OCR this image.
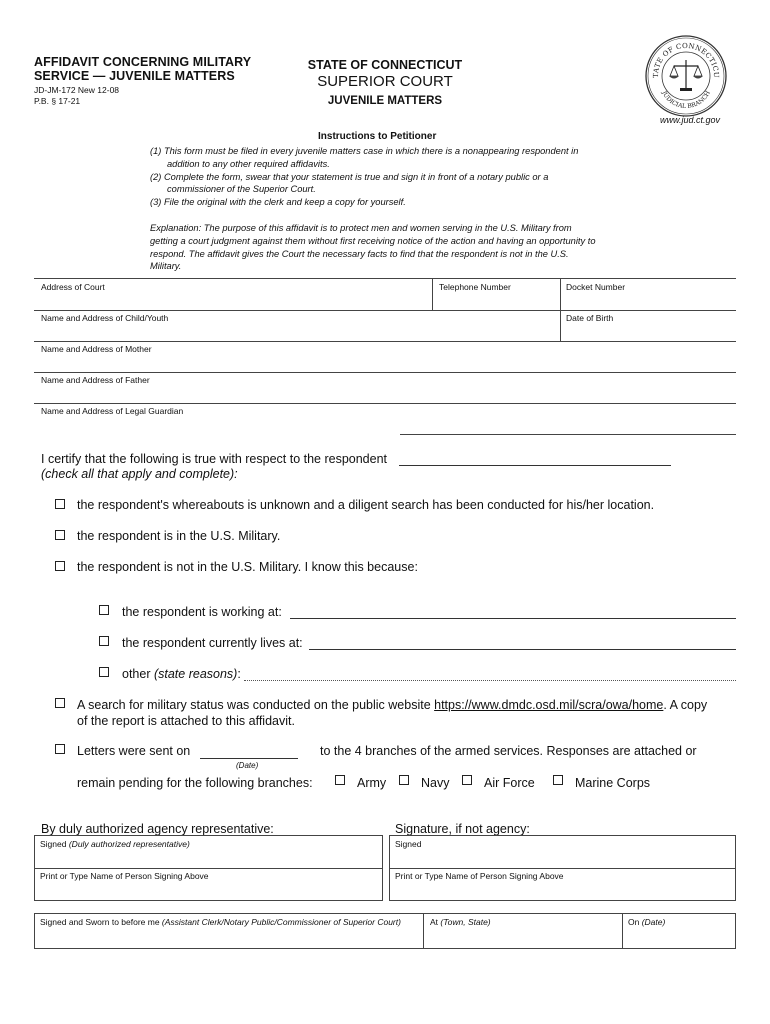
AFFIDAVIT CONCERNING MILITARY
SERVICE — JUVENILE MATTERS
JD-JM-172 New 12-08
P.B. § 17-21
STATE OF CONNECTICUT
SUPERIOR COURT
JUVENILE MATTERS
TATE OF CONNECTICU
JUDICIAL BRANCH
www.jud.ct.gov
Instructions to Petitioner
(1) This form must be filed in every juvenile matters case in which there is a nonappearing respondent in
addition to any other required affidavits.
(2) Complete the form, swear that your statement is true and sign it in front of a notary public or a
commissioner of the Superior Court.
(3) File the original with the clerk and keep a copy for yourself.
Explanation: The purpose of this affidavit is to protect men and women serving in the U.S. Military from
getting a court judgment against them without first receiving notice of the action and having an opportunity to
respond. The affidavit gives the Court the necessary facts to find that the respondent is not in the U.S.
Military.
Address of Court	Telephone Number	Docket Number
Name and Address of Child/Youth	Date of Birth
Name and Address of Mother
Name and Address of Father
Name and Address of Legal Guardian
I certify that the following is true with respect to the respondent
(check all that apply and complete):
the respondent's whereabouts is unknown and a diligent search has been conducted for his/her location.
the respondent is in the U.S. Military.
the respondent is not in the U.S. Military. I know this because:
the respondent is working at:
the respondent currently lives at:
other (state reasons):
A search for military status was conducted on the public website https://www.dmdc.osd.mil/scra/owa/home. A copy
of the report is attached to this affidavit.
Letters were sent on
(Date)
to the 4 branches of the armed services. Responses are attached or
remain pending for the following branches:	Army	Navy	Air Force	Marine Corps
By duly authorized agency representative:	Signature, if not agency:
Signed (Duly authorized representative)
Print or Type Name of Person Signing Above
Signed
Print or Type Name of Person Signing Above
Signed and Sworn to before me (Assistant Clerk/Notary Public/Commissioner of Superior Court)	At (Town, State)	On (Date)
